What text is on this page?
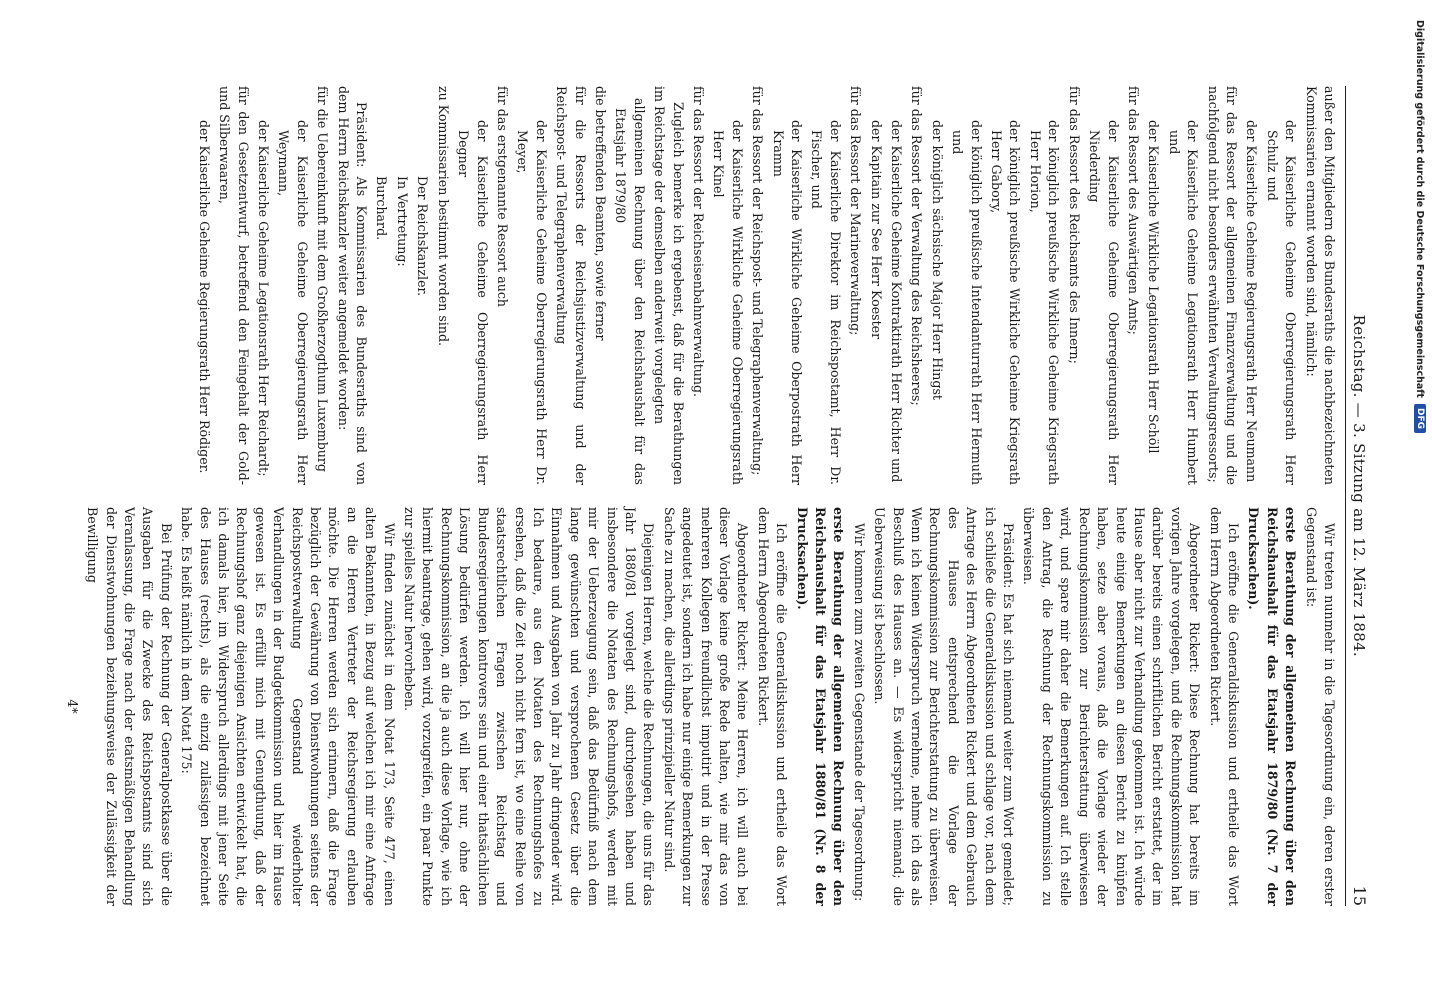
Reichstag. — 3. Sitzung am 12. März 1884.
15

außer den Mitgliedern des Bundesraths die nachbezeichneten Kommissarien ernannt worden sind, nämlich:

der Kaiserliche Geheime Oberregierungsrath Herr Schulz und

der Kaiserliche Geheime Regierungsrath Herr Neumann

für das Ressort der allgemeinen Finanzverwaltung und die nachfolgend nicht besonders erwähnten Verwaltungsressorts;

der Kaiserliche Geheime Legationsrath Herr Humbert und

der Kaiserliche Wirkliche Legationsrath Herr Schöll

für das Ressort des Auswärtigen Amts;

der Kaiserliche Geheime Oberregierungsrath Herr Niederding

für das Ressort des Reichsamts des Innern;

der königlich preußische Wirkliche Geheime Kriegsrath Herr Horion,

der königlich preußische Wirkliche Geheime Kriegsrath Herr Gabory,

der königlich preußische Intendanturrath Herr Hermuth und

der königlich sächsische Major Herr Hingst

für das Ressort der Verwaltung des Reichsheeres;

der Kaiserliche Geheime Kontraktirath Herr Richter und

der Kapitain zur See Herr Koester

für das Ressort der Marineverwaltung;

der Kaiserliche Direktor im Reichspostamt, Herr Dr. Fischer, und

der Kaiserliche Wirkliche Geheime Oberpostrath Herr Kramm

für das Ressort der Reichspost- und Telegraphenverwaltung;

der Kaiserliche Wirkliche Geheime Oberregierungsrath Herr Kinel

für das Ressort der Reichseisenbahnverwaltung.

Zugleich bemerke ich ergebenst, daß für die Berathungen im Reichstage der demselben anderweit vorgelegten

allgemeinen Rechnung über den Reichshaushalt für das Etatsjahr 1879/80

die betreffenden Beamten, sowie ferner

für die Ressorts der Reichsjustizverwaltung und der Reichspost- und Telegraphenverwaltung

der Kaiserliche Geheime Oberregierungsrath Herr Dr. Meyer,

für das erstgenannte Ressort auch

der Kaiserliche Geheime Oberregierungsrath Herr Degner

zu Kommissarien bestimmt worden sind.

Der Reichskanzler.

In Vertretung:

Burchard.

Präsident: Als Kommissarien des Bundesraths sind von dem Herrn Reichskanzler weiter angemeldet worden:

für die Uebereinkunft mit dem Großherzogthum Luxemburg

der Kaiserliche Geheime Oberregierungsrath Herr Weymann,

der Kaiserliche Geheime Legationsrath Herr Reichardt;

für den Gesetzentwurf, betreffend den Feingehalt der Gold- und Silberwaaren,

der Kaiserliche Geheime Regierungsrath Herr Rödiger.

Wir treten nunmehr in die Tagesordnung ein, deren erster Gegenstand ist:

erste Berathung der allgemeinen Rechnung über den Reichshaushalt für das Etatsjahr 1879/80 (Nr. 7 der Drucksachen).

Ich eröffne die Generaldiskussion und ertheile das Wort dem Herrn Abgeordneten Rickert.

Abgeordneter Rickert: Diese Rechnung hat bereits im vorigen Jahre vorgelegen, und die Rechnungskommission hat darüber bereits einen schriftlichen Bericht erstattet, der im Hause aber nicht zur Verhandlung gekommen ist. Ich würde heute einige Bemerkungen an diesen Bericht zu knüpfen haben, setze aber voraus, daß die Vorlage wieder der Rechnungskommission zur Berichterstattung überwiesen wird, und spare mir daher die Bemerkungen auf. Ich stelle den Antrag, die Rechnung der Rechnungskommission zu überweisen.

Präsident: Es hat sich niemand weiter zum Wort gemeldet; ich schließe die Generaldiskussion und schlage vor, nach dem Antrage des Herrn Abgeordneten Rickert und dem Gebrauch des Hauses entsprechend die Vorlage der Rechnungskommission zur Berichterstattung zu überweisen. Wenn ich keinen Widerspruch vernehme, nehme ich das als Beschluß des Hauses an. — Es widerspricht niemand; die Ueberweisung ist beschlossen.

Wir kommen zum zweiten Gegenstande der Tagesordnung:

erste Berathung der allgemeinen Rechnung über den Reichshaushalt für das Etatsjahr 1880/81 (Nr. 8 der Drucksachen).

Ich eröffne die Generaldiskussion und ertheile das Wort dem Herrn Abgeordneten Rickert.

Abgeordneter Rickert: Meine Herren, ich will auch bei dieser Vorlage keine große Rede halten, wie mir das von mehreren Kollegen freundlichst imputirt und in der Presse angedeutet ist, sondern ich habe nur einige Bemerkungen zur Sache zu machen, die allerdings prinzipieller Natur sind.

Diejenigen Herren, welche die Rechnungen, die uns für das Jahr 1880/81 vorgelegt sind, durchgesehen haben und insbesondere die Notaten des Rechnungshofs, werden mit mir der Ueberzeugung sein, daß das Bedürfniß nach dem lange gewünschten und versprochenen Gesetz über die Einnahmen und Ausgaben von Jahr zu Jahr dringender wird. Ich bedaure, aus den Notaten des Rechnungshofes zu ersehen, daß die Zeit noch nicht fern ist, wo eine Reihe von staatsrechtlichen Fragen zwischen Reichstag und Bundesregierungen kontrovers sein und einer thatsächlichen Lösung bedürfen werden. Ich will hier nur, ohne der Rechnungskommission, an die ja auch diese Vorlage, wie ich hiermit beantrage, gehen wird, vorzugreifen, ein paar Punkte zur spielles Natur hervorheben.

Wir finden zunächst in dem Notat 173, Seite 477, einen alten Bekannten, in Bezug auf welchen ich mir eine Anfrage an die Herren Vertreter der Reichsregierung erlauben möchte. Die Herren werden sich erinnern, daß die Frage bezüglich der Gewährung von Dienstwohnungen seitens der Reichspostverwaltung Gegenstand wiederholter Verhandlungen in der Budgetkommission und hier im Hause gewesen ist. Es erfüllt mich mit Genugthuung, daß der Rechnungshof ganz diejenigen Ansichten entwickelt hat, die ich damals hier, im Widerspruch allerdings mit jener Seite des Hauses (rechts), als die einzig zulässigen bezeichnet habe. Es heißt nämlich in dem Notat 175:

Bei Prüfung der Rechnung der Generalpostkasse über die Ausgaben für die Zwecke des Reichspostamts sind sich Veranlassung, die Frage nach der etatsmäßigen Behandlung der Dienstwohnungen beziehungsweise der Zulässigkeit der Bewilligung

4*

Digitalisierung gefördert durch die Deutsche Forschungsgemeinschaft
DFG
